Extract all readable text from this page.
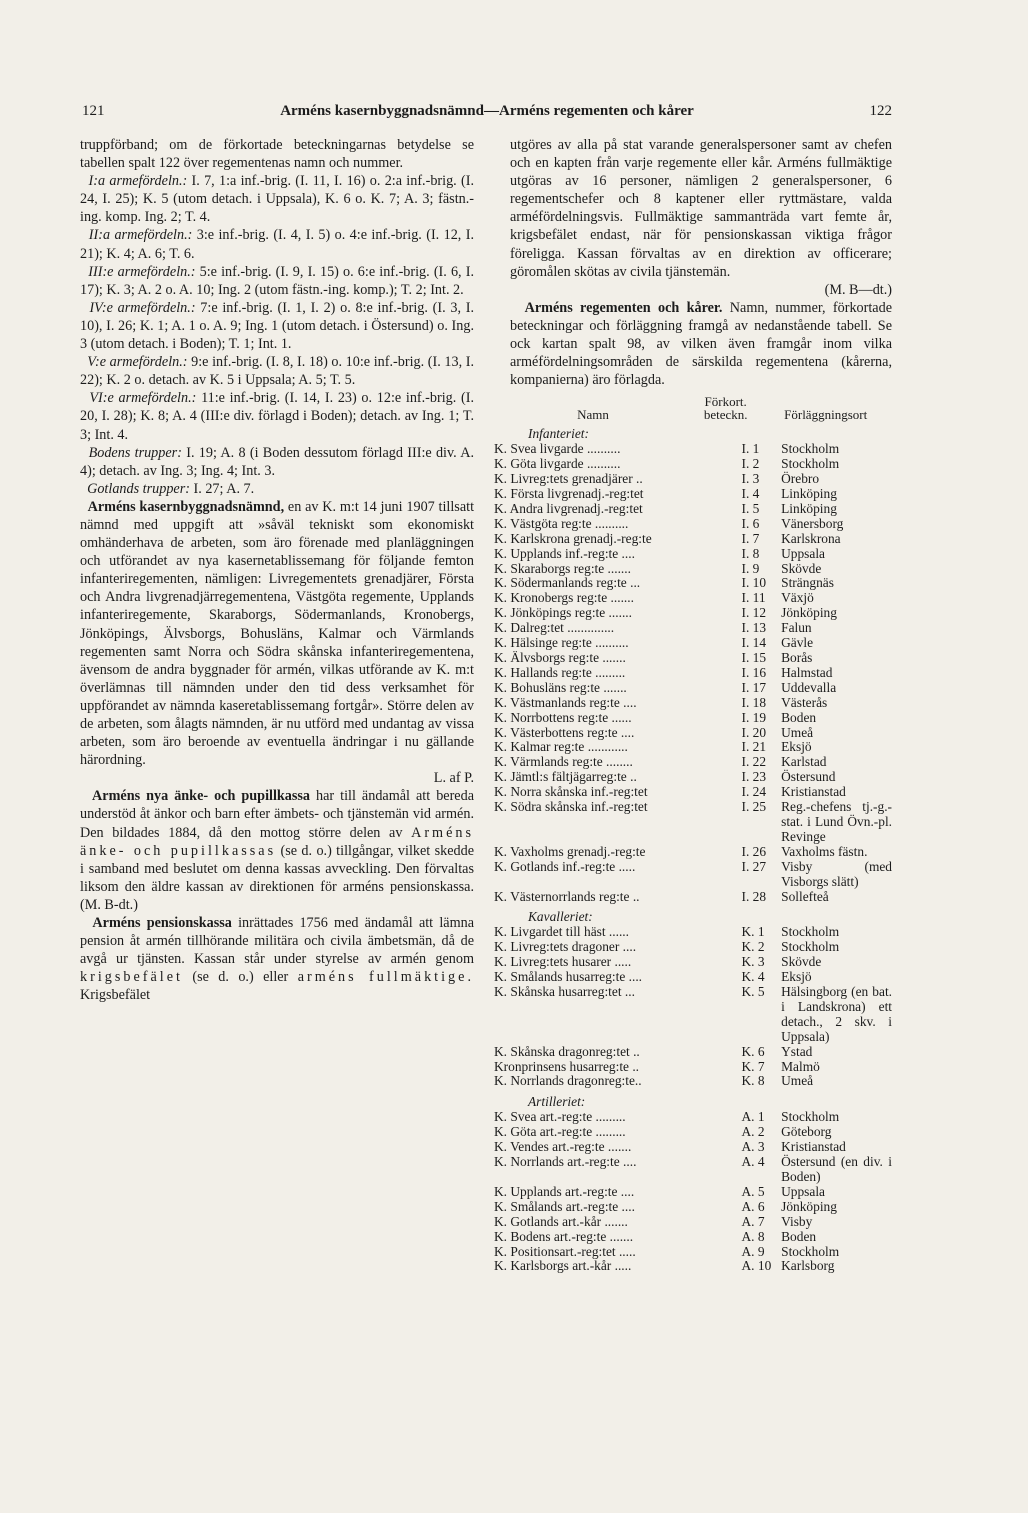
121	Arméns kasernbyggnadsnämnd—Arméns regementen och kårer	122

truppförband; om de förkortade beteckningarnas betydelse se tabellen spalt 122 över regementenas namn och nummer.

I:a armefördeln.: I. 7, 1:a inf.-brig. (I. 11, I. 16) o. 2:a inf.-brig. (I. 24, I. 25); K. 5 (utom detach. i Uppsala), K. 6 o. K. 7; A. 3; fästn.-ing. komp. Ing. 2; T. 4.

II:a armefördeln.: 3:e inf.-brig. (I. 4, I. 5) o. 4:e inf.-brig. (I. 12, I. 21); K. 4; A. 6; T. 6.

III:e armefördeln.: 5:e inf.-brig. (I. 9, I. 15) o. 6:e inf.-brig. (I. 6, I. 17); K. 3; A. 2 o. A. 10; Ing. 2 (utom fästn.-ing. komp.); T. 2; Int. 2.

IV:e armefördeln.: 7:e inf.-brig. (I. 1, I. 2) o. 8:e inf.-brig. (I. 3, I. 10), I. 26; K. 1; A. 1 o. A. 9; Ing. 1 (utom detach. i Östersund) o. Ing. 3 (utom detach. i Boden); T. 1; Int. 1.

V:e armefördeln.: 9:e inf.-brig. (I. 8, I. 18) o. 10:e inf.-brig. (I. 13, I. 22); K. 2 o. detach. av K. 5 i Uppsala; A. 5; T. 5.

VI:e armefördeln.: 11:e inf.-brig. (I. 14, I. 23) o. 12:e inf.-brig. (I. 20, I. 28); K. 8; A. 4 (III:e div. förlagd i Boden); detach. av Ing. 1; T. 3; Int. 4.

Bodens trupper: I. 19; A. 8 (i Boden dessutom förlagd III:e div. A. 4); detach. av Ing. 3; Ing. 4; Int. 3.

Gotlands trupper: I. 27; A. 7.

Arméns kasernbyggnadsnämnd, en av K. m:t 14 juni 1907 tillsatt nämnd med uppgift att »såväl tekniskt som ekonomiskt omhänderhava de arbeten, som äro förenade med planläggningen och utförandet av nya kasernetablissemang för följande femton infanteriregementen, nämligen: Livregementets grenadjärer, Första och Andra livgrenadjärregementena, Västgöta regemente, Upplands infanteriregemente, Skaraborgs, Södermanlands, Kronobergs, Jönköpings, Älvsborgs, Bohusläns, Kalmar och Värmlands regementen samt Norra och Södra skånska infanteriregementena, ävensom de andra byggnader för armén, vilkas utförande av K. m:t överlämnas till nämnden under den tid dess verksamhet för uppförandet av nämnda kaseretablissemang fortgår». Större delen av de arbeten, som ålagts nämnden, är nu utförd med undantag av vissa arbeten, som äro beroende av eventuella ändringar i nu gällande härordning.

L. af P.

Arméns nya änke- och pupillkassa har till ändamål att bereda understöd åt änkor och barn efter ämbets- och tjänstemän vid armén. Den bildades 1884, då den mottog större delen av Arméns änke- och pupillkassas (se d. o.) tillgångar, vilket skedde i samband med beslutet om denna kassas avveckling. Den förvaltas liksom den äldre kassan av direktionen för arméns pensionskassa. (M. B-dt.)

Arméns pensionskassa inrättades 1756 med ändamål att lämna pension åt armén tillhörande militära och civila ämbetsmän, då de avgå ur tjänsten. Kassan står under styrelse av armén genom krigsbefälet (se d. o.) eller arméns fullmäktige. Krigsbefälet

utgöres av alla på stat varande generalspersoner samt av chefen och en kapten från varje regemente eller kår. Arméns fullmäktige utgöras av 16 personer, nämligen 2 generalspersoner, 6 regementschefer och 8 kaptener eller ryttmästare, valda arméfördelningsvis. Fullmäktige sammanträda vart femte år, krigsbefälet endast, när för pensionskassan viktiga frågor föreligga. Kassan förvaltas av en direktion av officerare; göromålen skötas av civila tjänstemän.

(M. B—dt.)

Arméns regementen och kårer. Namn, nummer, förkortade beteckningar och förläggning framgå av nedanstående tabell. Se ock kartan spalt 98, av vilken även framgår inom vilka arméfördelningsområden de särskilda regementena (kårerna, kompanierna) äro förlagda.

Namn
Förkort. beteckn.	Förläggningsort
Infanteriet:
K. Svea livgarde ..........	I. 1	Stockholm
K. Göta livgarde ..........	I. 2	Stockholm
K. Livreg:tets grenadjärer ..	I. 3	Örebro
K. Första livgrenadj.-reg:tet	I. 4	Linköping
K. Andra livgrenadj.-reg:tet	I. 5	Linköping
K. Västgöta reg:te ..........	I. 6	Vänersborg
K. Karlskrona grenadj.-reg:te	I. 7	Karlskrona
K. Upplands inf.-reg:te ....	I. 8	Uppsala
K. Skaraborgs reg:te .......	I. 9	Skövde
K. Södermanlands reg:te ...	I. 10	Strängnäs
K. Kronobergs reg:te .......	I. 11	Växjö
K. Jönköpings reg:te .......	I. 12	Jönköping
K. Dalreg:tet ..............	I. 13	Falun
K. Hälsinge reg:te ..........	I. 14	Gävle
K. Älvsborgs reg:te .......	I. 15	Borås
K. Hallands reg:te .........	I. 16	Halmstad
K. Bohusläns reg:te .......	I. 17	Uddevalla
K. Västmanlands reg:te ....	I. 18	Västerås
K. Norrbottens reg:te ......	I. 19	Boden
K. Västerbottens reg:te ....	I. 20	Umeå
K. Kalmar reg:te ............	I. 21	Eksjö
K. Värmlands reg:te ........	I. 22	Karlstad
K. Jämtl:s fältjägarreg:te ..	I. 23	Östersund
K. Norra skånska inf.-reg:tet	I. 24	Kristianstad
K. Södra skånska inf.-reg:tet	I. 25	Reg.-chefens tj.-g.-stat. i Lund Övn.-pl. Revinge
K. Vaxholms grenadj.-reg:te	I. 26	Vaxholms fästn.
K. Gotlands inf.-reg:te .....	I. 27	Visby (med Visborgs slätt)
K. Västernorrlands reg:te ..	I. 28	Sollefteå
Kavalleriet:
K. Livgardet till häst ......	K. 1	Stockholm
K. Livreg:tets dragoner ....	K. 2	Stockholm
K. Livreg:tets husarer .....	K. 3	Skövde
K. Smålands husarreg:te ....	K. 4	Eksjö
K. Skånska husarreg:tet ...	K. 5	Hälsingborg (en bat. i Landskrona) ett detach., 2 skv. i Uppsala)
K. Skånska dragonreg:tet ..	K. 6	Ystad
Kronprinsens husarreg:te ..	K. 7	Malmö
K. Norrlands dragonreg:te..	K. 8	Umeå
Artilleriet:
K. Svea art.-reg:te .........	A. 1	Stockholm
K. Göta art.-reg:te .........	A. 2	Göteborg
K. Vendes art.-reg:te .......	A. 3	Kristianstad
K. Norrlands art.-reg:te ....	A. 4	Östersund (en div. i Boden)
K. Upplands art.-reg:te ....	A. 5	Uppsala
K. Smålands art.-reg:te ....	A. 6	Jönköping
K. Gotlands art.-kår .......	A. 7	Visby
K. Bodens art.-reg:te .......	A. 8	Boden
K. Positionsart.-reg:tet .....	A. 9	Stockholm
K. Karlsborgs art.-kår .....	A. 10 Karlsborg
